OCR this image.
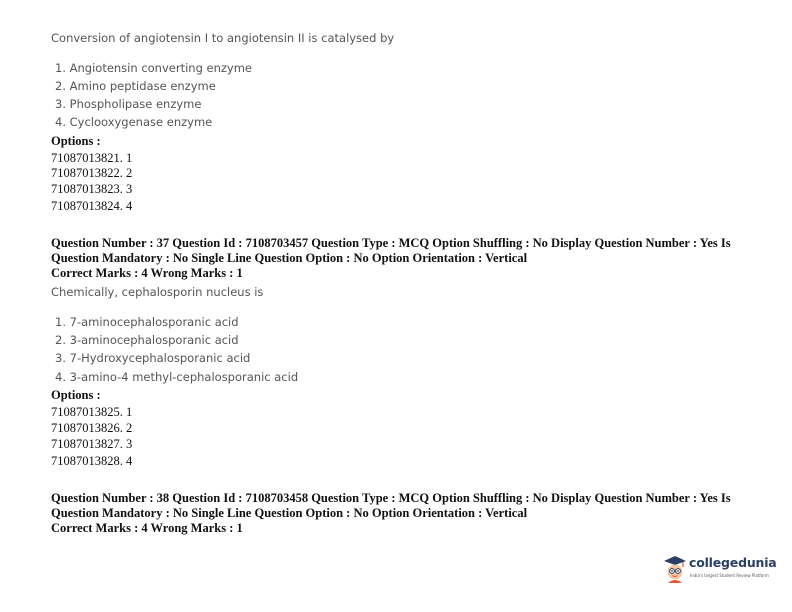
Conversion of angiotensin I to angiotensin II is catalysed by
1. Angiotensin converting enzyme
2. Amino peptidase enzyme
3. Phospholipase enzyme
4. Cyclooxygenase enzyme
Options :
71087013821. 1
71087013822. 2
71087013823. 3
71087013824. 4
Question Number : 37 Question Id : 7108703457 Question Type : MCQ Option Shuffling : No Display Question Number : Yes Is
Question Mandatory : No Single Line Question Option : No Option Orientation : Vertical
Correct Marks : 4 Wrong Marks : 1
Chemically, cephalosporin nucleus is
1. 7-aminocephalosporanic acid
2. 3-aminocephalosporanic acid
3. 7-Hydroxycephalosporanic acid
4. 3-amino-4 methyl-cephalosporanic acid
Options :
71087013825. 1
71087013826. 2
71087013827. 3
71087013828. 4
Question Number : 38 Question Id : 7108703458 Question Type : MCQ Option Shuffling : No Display Question Number : Yes Is
Question Mandatory : No Single Line Question Option : No Option Orientation : Vertical
Correct Marks : 4 Wrong Marks : 1
collegedunia
India's largest Student Review Platform
